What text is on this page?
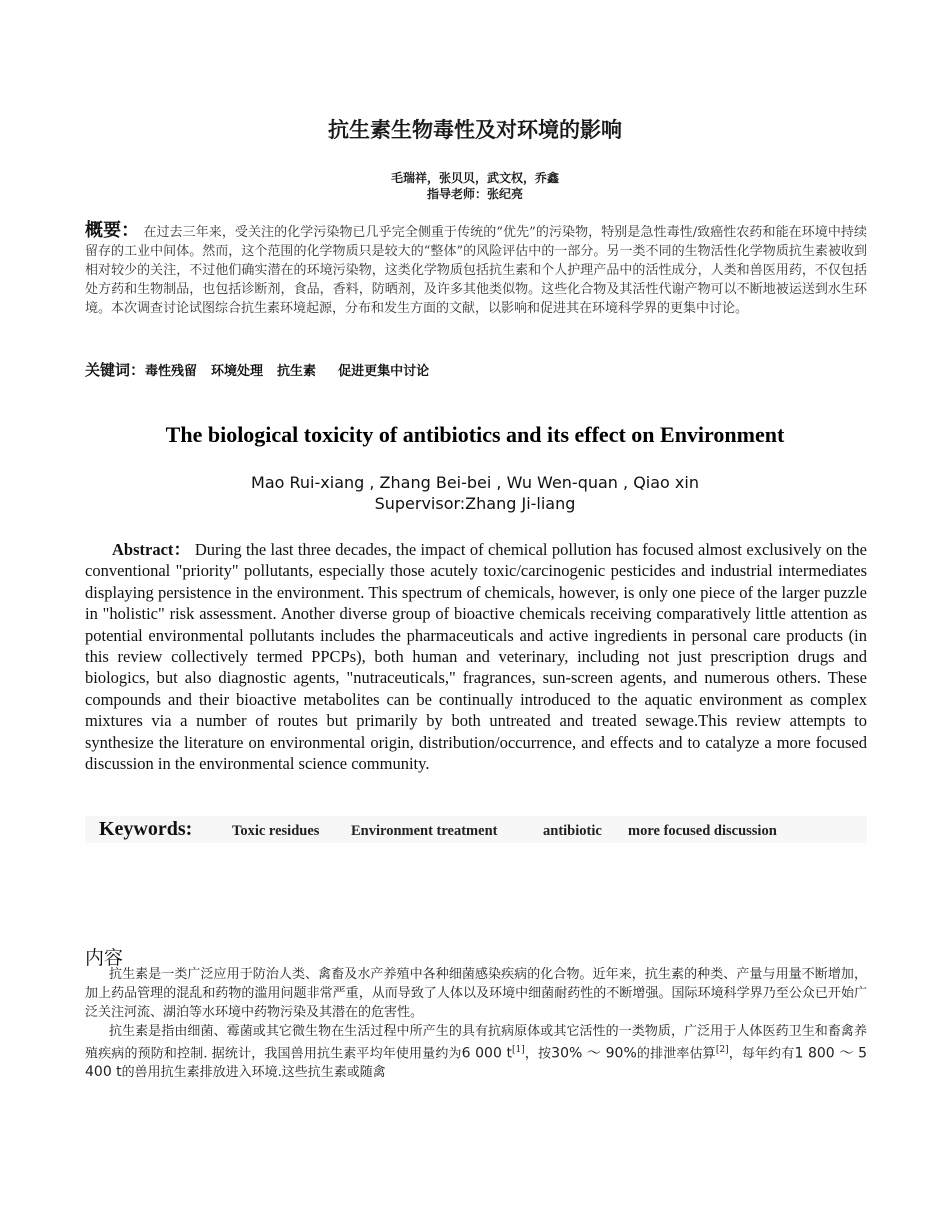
抗生素生物毒性及对环境的影响
毛瑞祥，张贝贝，武文权，乔鑫
指导老师：张纪亮
概要： 在过去三年来，受关注的化学污染物已几乎完全侧重于传统的“优先”的污染物，特别是急性毒性/致癌性农药和能在环境中持续留存的工业中间体。然而，这个范围的化学物质只是较大的“整体”的风险评估中的一部分。另一类不同的生物活性化学物质抗生素被收到相对较少的关注，不过他们确实潜在的环境污染物，这类化学物质包括抗生素和个人护理产品中的活性成分，人类和兽医用药，不仅包括处方药和生物制品，也包括诊断剂，食品，香料，防晒剂，及许多其他类似物。这些化合物及其活性代谢产物可以不断地被运送到水生环境。本次调查讨论试图综合抗生素环境起源，分布和发生方面的文献，以影响和促进其在环境科学界的更集中讨论。
关键词：毒性残留 环境处理 抗生素 促进更集中讨论
The biological toxicity of antibiotics and its effect on Environment
Mao Rui-xiang , Zhang Bei-bei , Wu Wen-quan , Qiao xin
Supervisor:Zhang Ji-liang
Abstract： During the last three decades, the impact of chemical pollution has focused almost exclusively on the conventional "priority" pollutants, especially those acutely toxic/carcinogenic pesticides and industrial intermediates displaying persistence in the environment. This spectrum of chemicals, however, is only one piece of the larger puzzle in "holistic" risk assessment. Another diverse group of bioactive chemicals receiving comparatively little attention as potential environmental pollutants includes the pharmaceuticals and active ingredients in personal care products (in this review collectively termed PPCPs), both human and veterinary, including not just prescription drugs and biologics, but also diagnostic agents, "nutraceuticals," fragrances, sun-screen agents, and numerous others. These compounds and their bioactive metabolites can be continually introduced to the aquatic environment as complex mixtures via a number of routes but primarily by both untreated and treated sewage.This review attempts to synthesize the literature on environmental origin, distribution/occurrence, and effects and to catalyze a more focused discussion in the environmental science community.
Keywords:	Toxic residues Environment treatment	antibiotic more focused discussion
内容

抗生素是一类广泛应用于防治人类、禽畜及水产养殖中各种细菌感染疾病的化合物。近年来，抗生素的种类、产量与用量不断增加，加上药品管理的混乱和药物的滥用问题非常严重，从而导致了人体以及环境中细菌耐药性的不断增强。国际环境科学界乃至公众已开始广泛关注河流、湖泊等水环境中药物污染及其潜在的危害性。

抗生素是指由细菌、霉菌或其它微生物在生活过程中所产生的具有抗病原体或其它活性的一类物质，广泛用于人体医药卫生和畜禽养殖疾病的预防和控制. 据统计，我国兽用抗生素平均年使用量约为6 000 t[1]，按30% ～ 90%的排泄率估算[2]，每年约有1 800 ～ 5 400 t的兽用抗生素排放进入环境.这些抗生素或随禽
